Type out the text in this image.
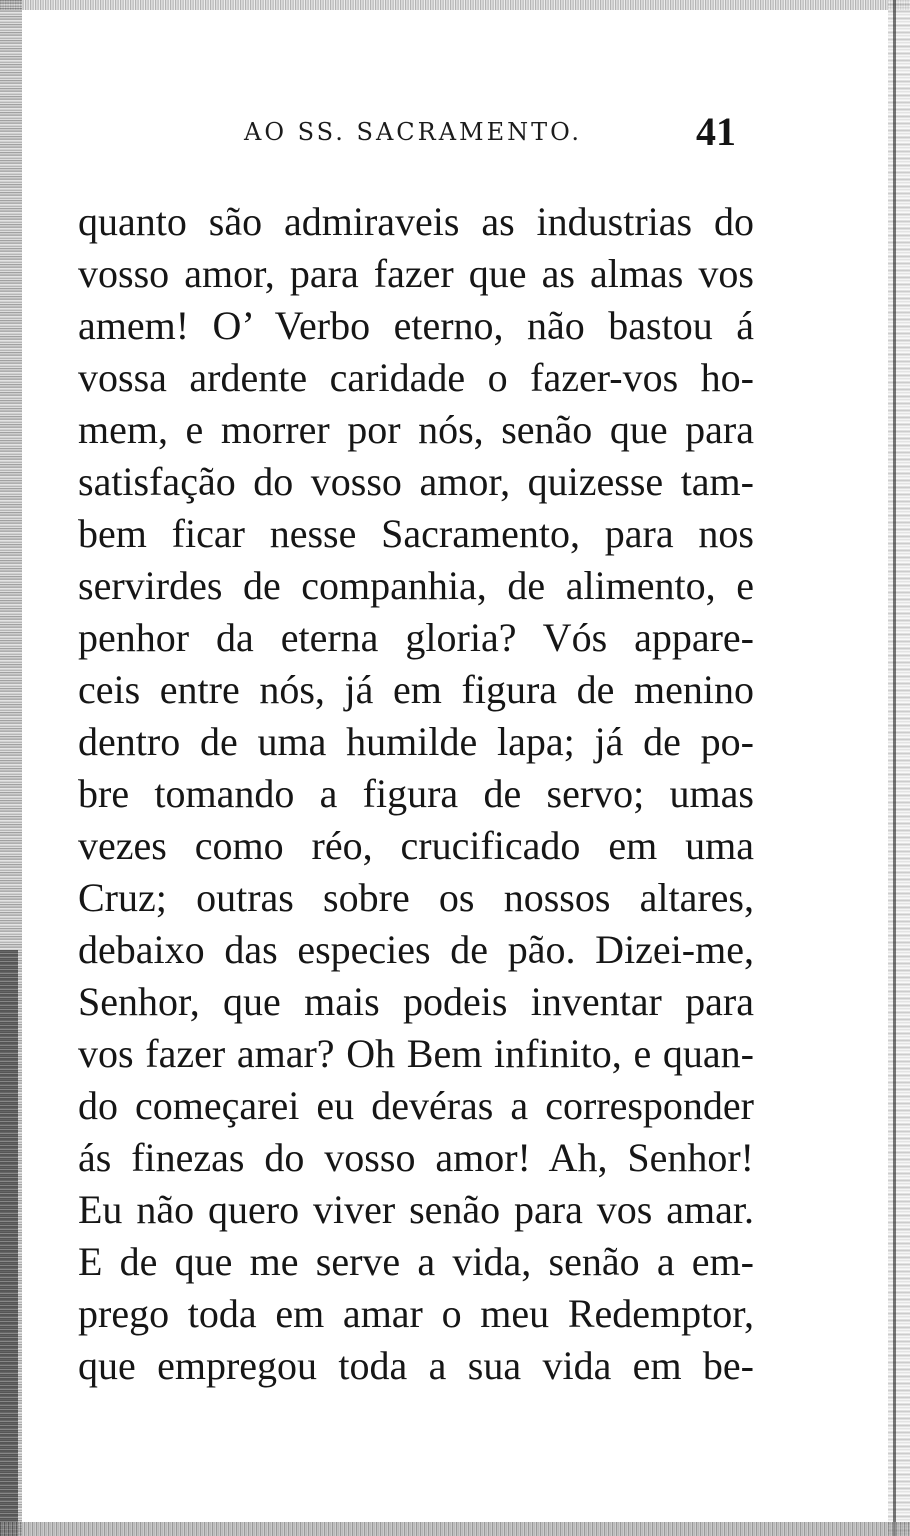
AO SS. SACRAMENTO.	41
quanto são admiraveis as industrias do
vosso amor, para fazer que as almas vos
amem! O’ Verbo eterno, não bastou á
vossa ardente caridade o fazer-vos ho-
mem, e morrer por nós, senão que para
satisfação do vosso amor, quizesse tam-
bem ficar nesse Sacramento, para nos
servirdes de companhia, de alimento, e
penhor da eterna gloria? Vós appare-
ceis entre nós, já em figura de menino
dentro de uma humilde lapa; já de po-
bre tomando a figura de servo; umas
vezes como réo, crucificado em uma
Cruz; outras sobre os nossos altares,
debaixo das especies de pão. Dizei-me,
Senhor, que mais podeis inventar para
vos fazer amar? Oh Bem infinito, e quan-
do começarei eu devéras a corresponder
ás finezas do vosso amor! Ah, Senhor!
Eu não quero viver senão para vos amar.
E de que me serve a vida, senão a em-
prego toda em amar o meu Redemptor,
que empregou toda a sua vida em be-
